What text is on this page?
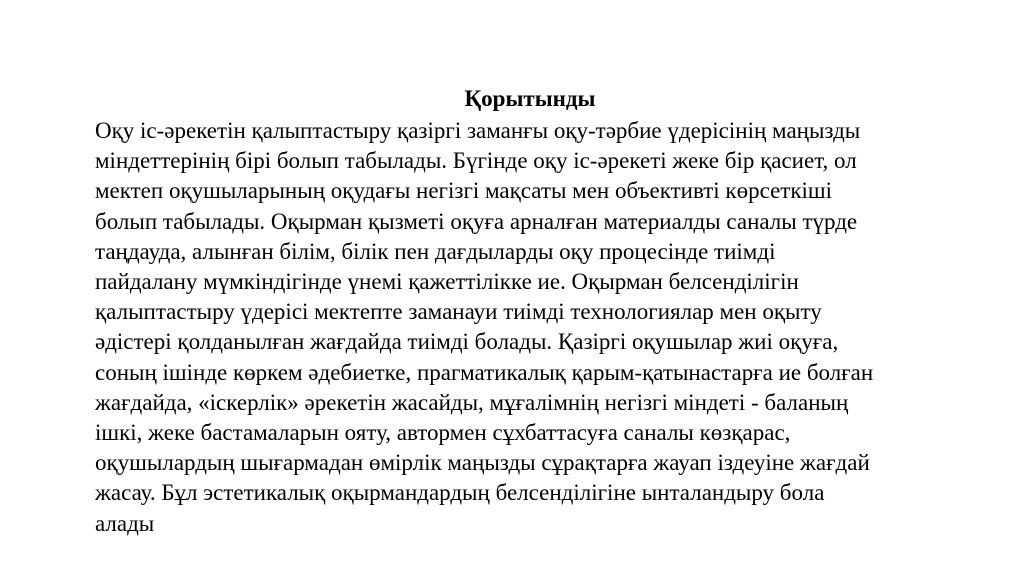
Қорытынды
Оқу іс-әрекетін қалыптастыру қазіргі заманғы оқу-тәрбие үдерісінің маңызды
міндеттерінің бірі болып табылады. Бүгінде оқу іс-әрекеті жеке бір қасиет, ол
мектеп оқушыларының оқудағы негізгі мақсаты мен объективті көрсеткіші
болып табылады. Оқырман қызметі оқуға арналған материалды саналы түрде
таңдауда, алынған білім, білік пен дағдыларды оқу процесінде тиімді
пайдалану мүмкіндігінде үнемі қажеттілікке ие. Оқырман белсенділігін
қалыптастыру үдерісі мектепте заманауи тиімді технологиялар мен оқыту
әдістері қолданылған жағдайда тиімді болады. Қазіргі оқушылар жиі оқуға,
соның ішінде көркем әдебиетке, прагматикалық қарым-қатынастарға ие болған
жағдайда, «іскерлік» әрекетін жасайды, мұғалімнің негізгі міндеті - баланың
ішкі, жеке бастамаларын ояту, автормен сұхбаттасуға саналы көзқарас,
оқушылардың шығармадан өмірлік маңызды сұрақтарға жауап іздеуіне жағдай
жасау. Бұл эстетикалық оқырмандардың белсенділігіне ынталандыру бола
алады
